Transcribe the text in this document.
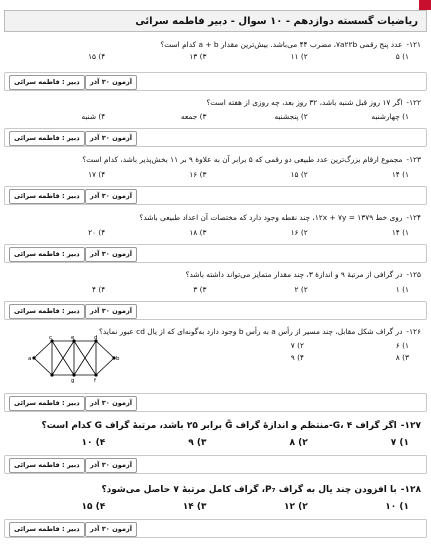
ریاضیات گسسته دوازدهم - ۱۰ سوال - دبیر فاطمه سرائی
۱۲۱-عدد پنج رقمی ۷a۲۲b، مضرب ۴۴ می‌باشد. بیش‌ترین مقدار a + b کدام است؟
۱) ۵
۲) ۱۱
۳) ۱۳
۴) ۱۵
دبیر : فاطمه سرائی	آزمون ۳۰ آذر
۱۲۲-اگر ۱۷ روز قبل شنبه باشد، ۳۲ روز بعد، چه روزی از هفته است؟
۱) چهارشنبه
۲) پنجشنبه
۳) جمعه
۴) شنبه
دبیر : فاطمه سرائی	آزمون ۳۰ آذر
۱۲۳-مجموع ارقام بزرگ‌ترین عدد طبیعی دو رقمی که ۵ برابر آن به علاوهٔ ۹ بر ۱۱ بخش‌پذیر باشد، کدام است؟
۱) ۱۴
۲) ۱۵
۳) ۱۶
۴) ۱۷
دبیر : فاطمه سرائی	آزمون ۳۰ آذر
۱۲۴-روی خط ۱۳۷۹ = ۱۲x + ۷y، چند نقطه وجود دارد که مختصات آن اعداد طبیعی باشد؟
۱) ۱۴
۲) ۱۶
۳) ۱۸
۴) ۲۰
دبیر : فاطمه سرائی	آزمون ۳۰ آذر
۱۲۵-در گرافی از مرتبهٔ ۹ و اندازهٔ ۳، چند مقدار متمایز می‌تواند داشته باشد؟
۱) ۱
۲) ۲
۳) ۳
۴) ۴
دبیر : فاطمه سرائی	آزمون ۳۰ آذر
۱۲۶-در گراف شکل مقابل، چند مسیر از رأس a به رأس b وجود دارد به‌گونه‌ای که از یال cd عبور نماید؟
۱) ۶
۲) ۷
۳) ۸
۴) ۹
a	b
c	e	d
g	f
دبیر : فاطمه سرائی	آزمون ۳۰ آذر
۱۲۷-اگر گراف G، ۴-منتظم و اندازهٔ گراف Ḡ برابر ۲۵ باشد، مرتبهٔ گراف G کدام است؟
۱) ۷
۲) ۸
۳) ۹
۴) ۱۰
دبیر : فاطمه سرائی	آزمون ۳۰ آذر
۱۲۸-با افزودن چند یال به گراف P₇، گراف کامل مرتبهٔ ۷ حاصل می‌شود؟
۱) ۱۰
۲) ۱۲
۳) ۱۴
۴) ۱۵
دبیر : فاطمه سرائی	آزمون ۳۰ آذر
